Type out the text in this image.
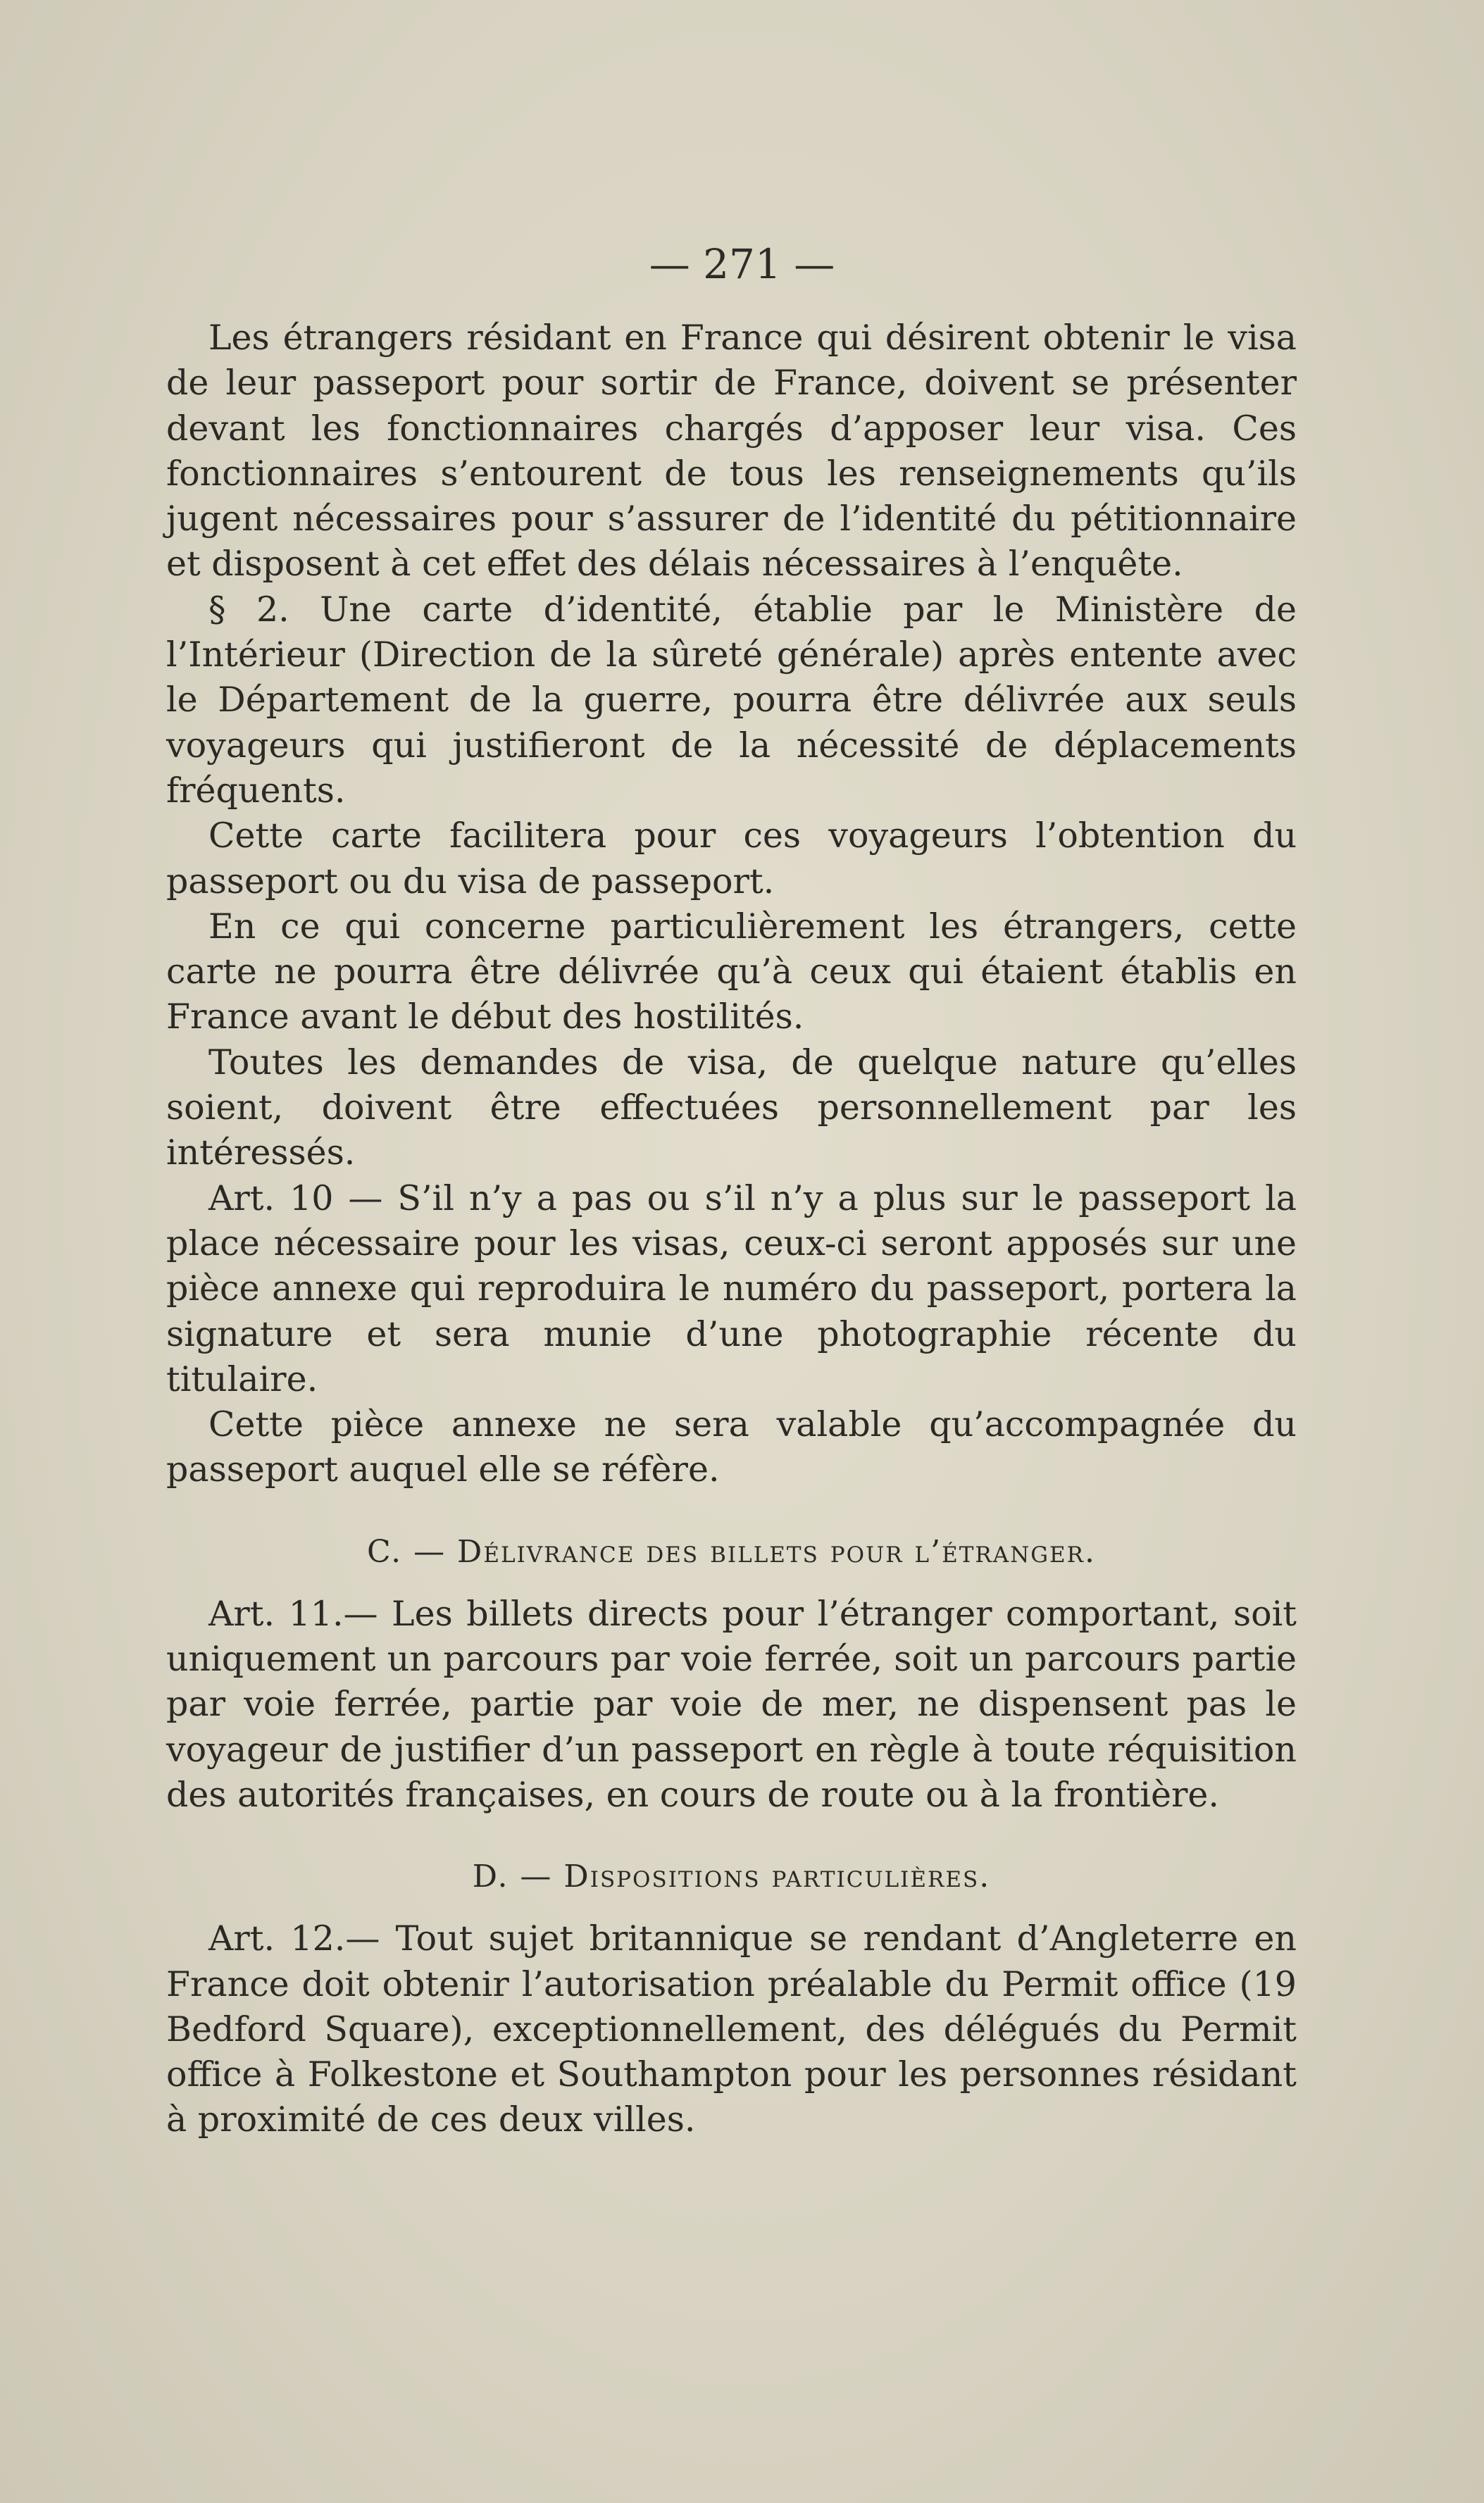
— 271 —

Les étrangers résidant en France qui désirent obtenir le visa de leur passeport pour sortir de France, doivent se présenter devant les fonctionnaires chargés d’apposer leur visa. Ces fonctionnaires s’entourent de tous les renseignements qu’ils jugent nécessaires pour s’assurer de l’identité du pétitionnaire et disposent à cet effet des délais nécessaires à l’enquête.

§ 2. Une carte d’identité, établie par le Ministère de l’Intérieur (Direction de la sûreté générale) après entente avec le Département de la guerre, pourra être délivrée aux seuls voyageurs qui justifieront de la nécessité de déplacements fréquents.

Cette carte facilitera pour ces voyageurs l’obtention du passeport ou du visa de passeport.

En ce qui concerne particulièrement les étrangers, cette carte ne pourra être délivrée qu’à ceux qui étaient établis en France avant le début des hostilités.

Toutes les demandes de visa, de quelque nature qu’elles soient, doivent être effectuées personnellement par les intéressés.

Art. 10 — S’il n’y a pas ou s’il n’y a plus sur le passeport la place nécessaire pour les visas, ceux-ci seront apposés sur une pièce annexe qui reproduira le numéro du passeport, portera la signature et sera munie d’une photographie récente du titulaire.

Cette pièce annexe ne sera valable qu’accompagnée du passeport auquel elle se réfère.

C. — Délivrance des billets pour l’étranger.

Art. 11.— Les billets directs pour l’étranger comportant, soit uniquement un parcours par voie ferrée, soit un parcours partie par voie ferrée, partie par voie de mer, ne dispensent pas le voyageur de justifier d’un passeport en règle à toute réquisition des autorités françaises, en cours de route ou à la frontière.

D. — Dispositions particulières.

Art. 12.— Tout sujet britannique se rendant d’Angleterre en France doit obtenir l’autorisation préalable du Permit office (19 Bedford Square), exceptionnellement, des délégués du Permit office à Folkestone et Southampton pour les personnes résidant à proximité de ces deux villes.
